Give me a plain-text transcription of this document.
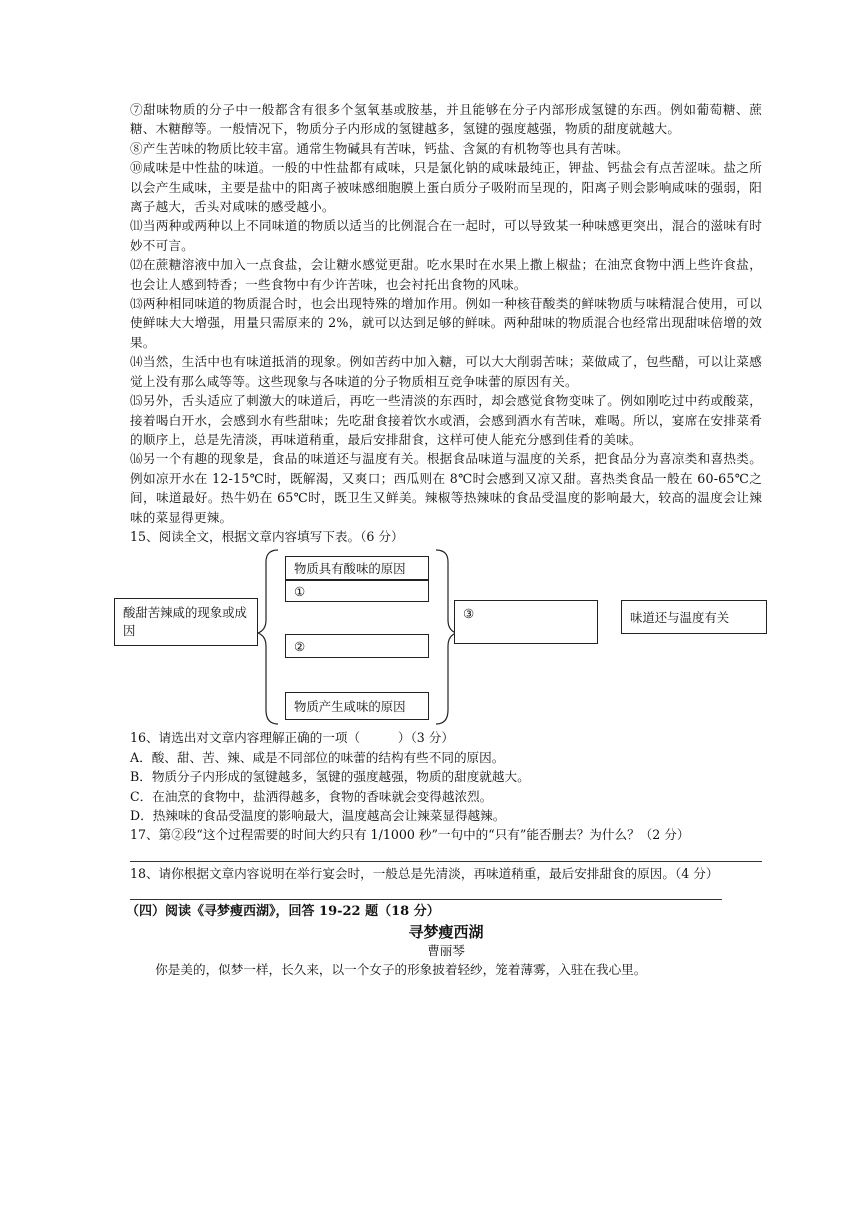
⑦甜味物质的分子中一般都含有很多个氢氧基或胺基，并且能够在分子内部形成氢键的东西。例如葡萄糖、蔗糖、木糖醇等。一般情况下，物质分子内形成的氢键越多，氢键的强度越强，物质的甜度就越大。

⑧产生苦味的物质比较丰富。通常生物碱具有苦味，钙盐、含氮的有机物等也具有苦味。

⑩咸味是中性盐的味道。一般的中性盐都有咸味，只是氯化钠的咸味最纯正，钾盐、钙盐会有点苦涩味。盐之所以会产生咸味，主要是盐中的阳离子被味感细胞膜上蛋白质分子吸附而呈现的，阳离子则会影响咸味的强弱，阳离子越大，舌头对咸味的感受越小。

⑾当两种或两种以上不同味道的物质以适当的比例混合在一起时，可以导致某一种味感更突出，混合的滋味有时妙不可言。

⑿在蔗糖溶液中加入一点食盐，会让糖水感觉更甜。吃水果时在水果上撒上椒盐；在油烹食物中洒上些许食盐，也会让人感到特香；一些食物中有少许苦味，也会衬托出食物的风味。

⒀两种相同味道的物质混合时，也会出现特殊的增加作用。例如一种核苷酸类的鲜味物质与味精混合使用，可以使鲜味大大增强，用量只需原来的 2%，就可以达到足够的鲜味。两种甜味的物质混合也经常出现甜味倍增的效果。

⒁当然，生活中也有味道抵消的现象。例如苦药中加入糖，可以大大削弱苦味；菜做咸了，包些醋，可以让菜感觉上没有那么咸等等。这些现象与各味道的分子物质相互竞争味蕾的原因有关。

⒂另外，舌头适应了刺激大的味道后，再吃一些清淡的东西时，却会感觉食物变味了。例如刚吃过中药或酸菜，接着喝白开水，会感到水有些甜味；先吃甜食接着饮水或酒，会感到酒水有苦味，难喝。所以，宴席在安排菜肴的顺序上，总是先清淡，再味道稍重，最后安排甜食，这样可使人能充分感到佳肴的美味。

⒃另一个有趣的现象是，食品的味道还与温度有关。根据食品味道与温度的关系，把食品分为喜凉类和喜热类。例如凉开水在 12-15℃时，既解渴，又爽口；西瓜则在 8℃时会感到又凉又甜。喜热类食品一般在 60-65℃之间，味道最好。热牛奶在 65℃时，既卫生又鲜美。辣椒等热辣味的食品受温度的影响最大，较高的温度会让辣味的菜显得更辣。

15、阅读全文，根据文章内容填写下表。（6 分）

酸甜苦辣咸的现象或成因
物质具有酸味的原因
①
②
物质产生咸味的原因
③	味道还与温度有关

16、请选出对文章内容理解正确的一项（　　　）（3 分）

A．酸、甜、苦、辣、咸是不同部位的味蕾的结构有些不同的原因。

B．物质分子内形成的氢键越多，氢键的强度越强，物质的甜度就越大。

C．在油烹的食物中，盐洒得越多，食物的香味就会变得越浓烈。

D．热辣味的食品受温度的影响最大，温度越高会让辣菜显得越辣。

17、第②段“这个过程需要的时间大约只有 1/1000 秒”一句中的“只有”能否删去？为什么？（2 分）

18、请你根据文章内容说明在举行宴会时，一般总是先清淡，再味道稍重，最后安排甜食的原因。（4 分）

（四）阅读《寻梦瘦西湖》，回答 19-22 题（18 分）

寻梦瘦西湖

曹丽琴

你是美的，似梦一样，长久来，以一个女子的形象披着轻纱，笼着薄雾，入驻在我心里。
